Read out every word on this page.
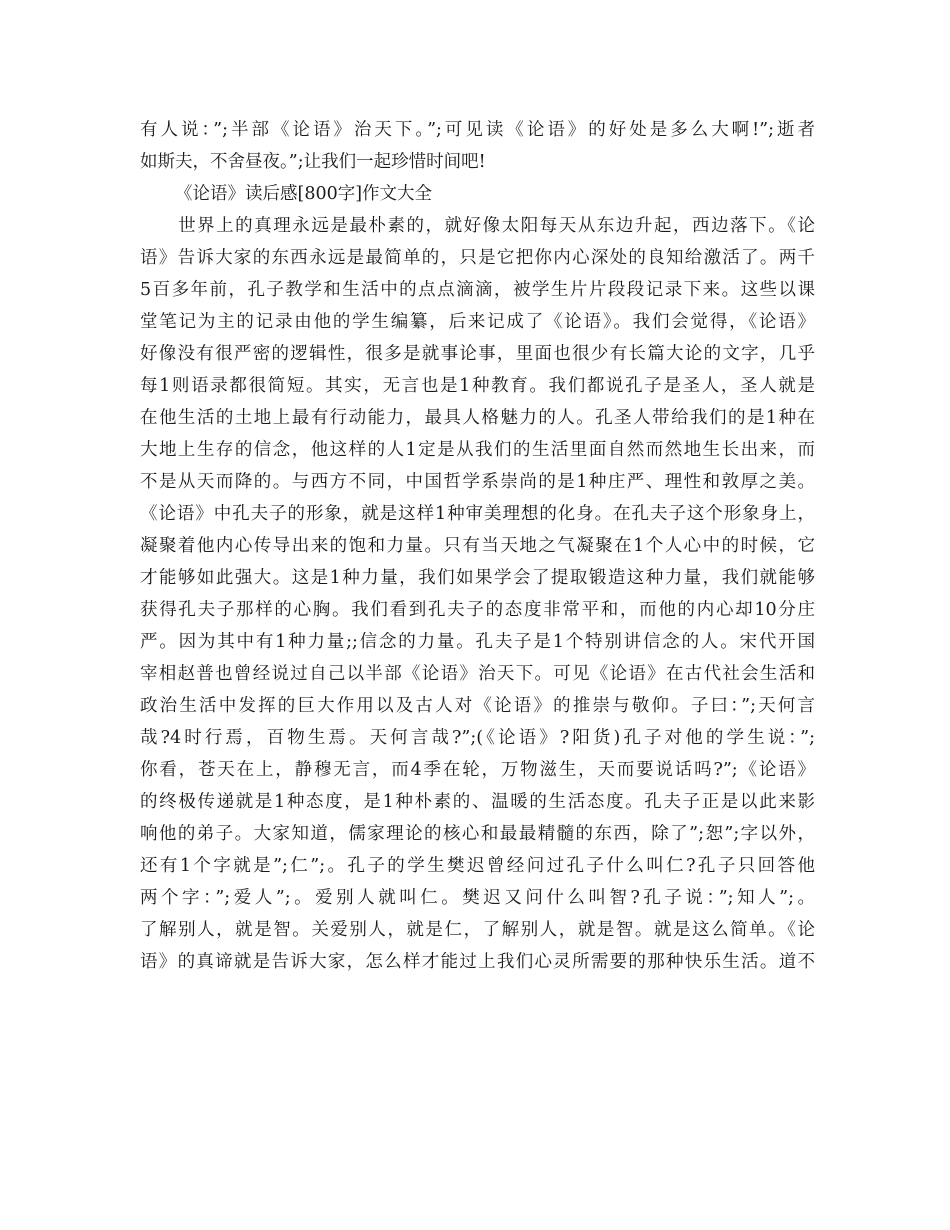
有人说：”;半部《论语》治天下。”;可见读《论语》的好处是多么大啊!”;逝者
如斯夫，不舍昼夜。”;让我们一起珍惜时间吧!
《论语》读后感[800字]作文大全
　　世界上的真理永远是最朴素的，就好像太阳每天从东边升起，西边落下。《论
语》告诉大家的东西永远是最简单的，只是它把你内心深处的良知给激活了。两千
5百多年前，孔子教学和生活中的点点滴滴，被学生片片段段记录下来。这些以课
堂笔记为主的记录由他的学生编纂，后来记成了《论语》。我们会觉得，《论语》
好像没有很严密的逻辑性，很多是就事论事，里面也很少有长篇大论的文字，几乎
每1则语录都很简短。其实，无言也是1种教育。我们都说孔子是圣人，圣人就是
在他生活的土地上最有行动能力，最具人格魅力的人。孔圣人带给我们的是1种在
大地上生存的信念，他这样的人1定是从我们的生活里面自然而然地生长出来，而
不是从天而降的。与西方不同，中国哲学系崇尚的是1种庄严、理性和敦厚之美。
《论语》中孔夫子的形象，就是这样1种审美理想的化身。在孔夫子这个形象身上，
凝聚着他内心传导出来的饱和力量。只有当天地之气凝聚在1个人心中的时候，它
才能够如此强大。这是1种力量，我们如果学会了提取锻造这种力量，我们就能够
获得孔夫子那样的心胸。我们看到孔夫子的态度非常平和，而他的内心却10分庄
严。因为其中有1种力量;;信念的力量。孔夫子是1个特别讲信念的人。宋代开国
宰相赵普也曾经说过自己以半部《论语》治天下。可见《论语》在古代社会生活和
政治生活中发挥的巨大作用以及古人对《论语》的推崇与敬仰。子曰：”;天何言
哉?4时行焉，百物生焉。天何言哉?”;(《论语》?阳货)孔子对他的学生说：”;
你看，苍天在上，静穆无言，而4季在轮，万物滋生，天而要说话吗?”;《论语》
的终极传递就是1种态度，是1种朴素的、温暖的生活态度。孔夫子正是以此来影
响他的弟子。大家知道，儒家理论的核心和最最精髓的东西，除了”;恕”;字以外，
还有1个字就是”;仁”;。孔子的学生樊迟曾经问过孔子什么叫仁?孔子只回答他
两个字：”;爱人”;。爱别人就叫仁。樊迟又问什么叫智?孔子说：”;知人”;。
了解别人，就是智。关爱别人，就是仁，了解别人，就是智。就是这么简单。《论
语》的真谛就是告诉大家，怎么样才能过上我们心灵所需要的那种快乐生活。道不
